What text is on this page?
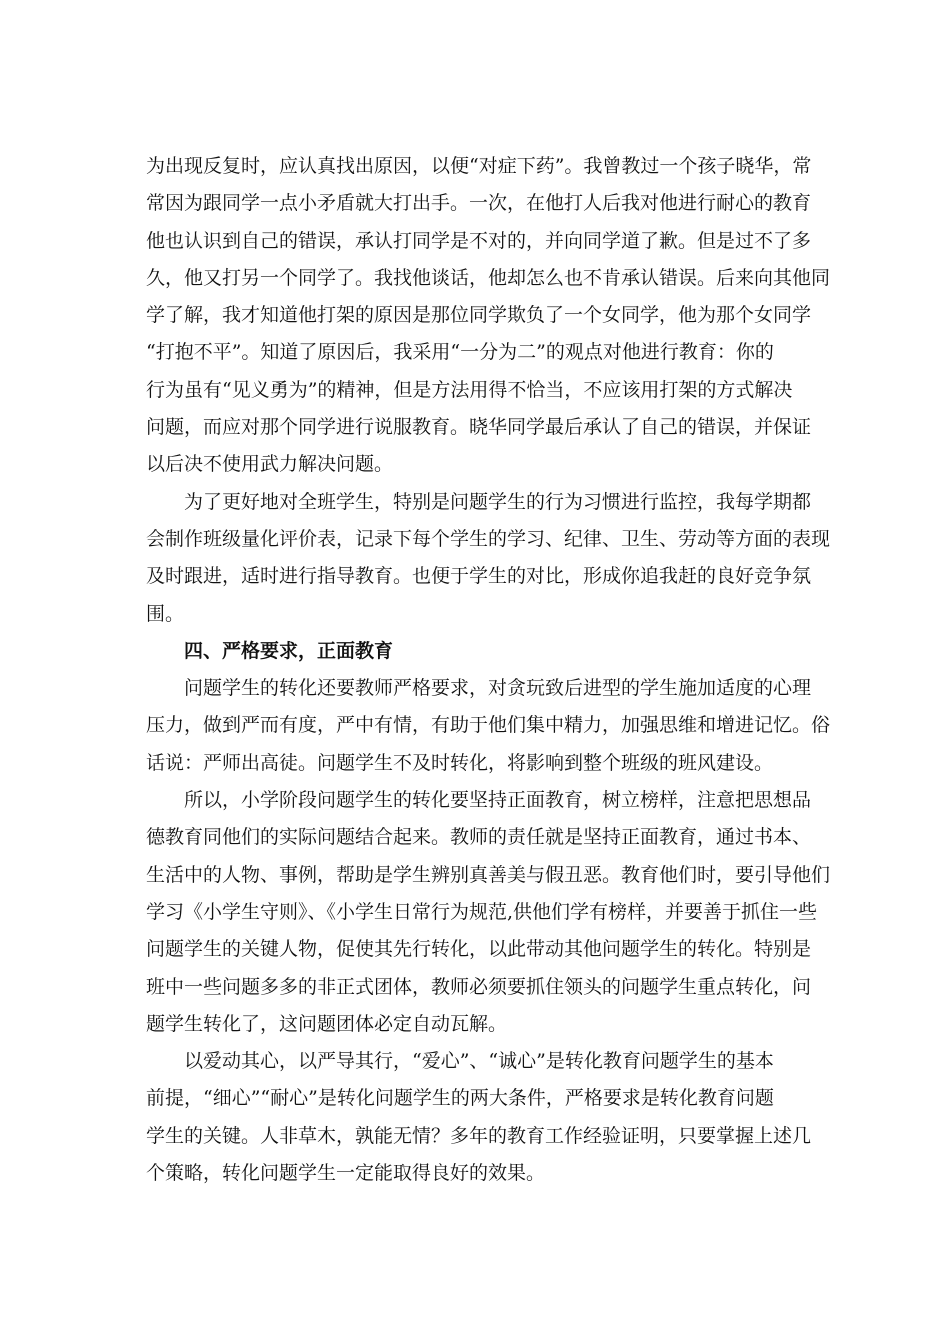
为出现反复时，应认真找出原因，以便“对症下药”。我曾教过一个孩子晓华，常
常因为跟同学一点小矛盾就大打出手。一次，在他打人后我对他进行耐心的教育
他也认识到自己的错误，承认打同学是不对的，并向同学道了歉。但是过不了多
久，他又打另一个同学了。我找他谈话，他却怎么也不肯承认错误。后来向其他同
学了解，我才知道他打架的原因是那位同学欺负了一个女同学，他为那个女同学
“打抱不平”。知道了原因后，我采用“一分为二”的观点对他进行教育：你的
行为虽有“见义勇为”的精神，但是方法用得不恰当，不应该用打架的方式解决
问题，而应对那个同学进行说服教育。晓华同学最后承认了自己的错误，并保证
以后决不使用武力解决问题。
为了更好地对全班学生，特别是问题学生的行为习惯进行监控，我每学期都
会制作班级量化评价表，记录下每个学生的学习、纪律、卫生、劳动等方面的表现
及时跟进，适时进行指导教育。也便于学生的对比，形成你追我赶的良好竞争氛
围。
四、严格要求，正面教育
问题学生的转化还要教师严格要求，对贪玩致后进型的学生施加适度的心理
压力，做到严而有度，严中有情，有助于他们集中精力，加强思维和增进记忆。俗
话说：严师出高徒。问题学生不及时转化，将影响到整个班级的班风建设。
所以，小学阶段问题学生的转化要坚持正面教育，树立榜样，注意把思想品
德教育同他们的实际问题结合起来。教师的责任就是坚持正面教育，通过书本、
生活中的人物、事例，帮助是学生辨别真善美与假丑恶。教育他们时，要引导他们
学习《小学生守则》、《小学生日常行为规范,供他们学有榜样，并要善于抓住一些
问题学生的关键人物，促使其先行转化，以此带动其他问题学生的转化。特别是
班中一些问题多多的非正式团体，教师必须要抓住领头的问题学生重点转化，问
题学生转化了，这问题团体必定自动瓦解。
以爱动其心，以严导其行，“爱心”、“诚心”是转化教育问题学生的基本
前提，“细心”“耐心”是转化问题学生的两大条件，严格要求是转化教育问题
学生的关键。人非草木，孰能无情？多年的教育工作经验证明，只要掌握上述几
个策略，转化问题学生一定能取得良好的效果。
